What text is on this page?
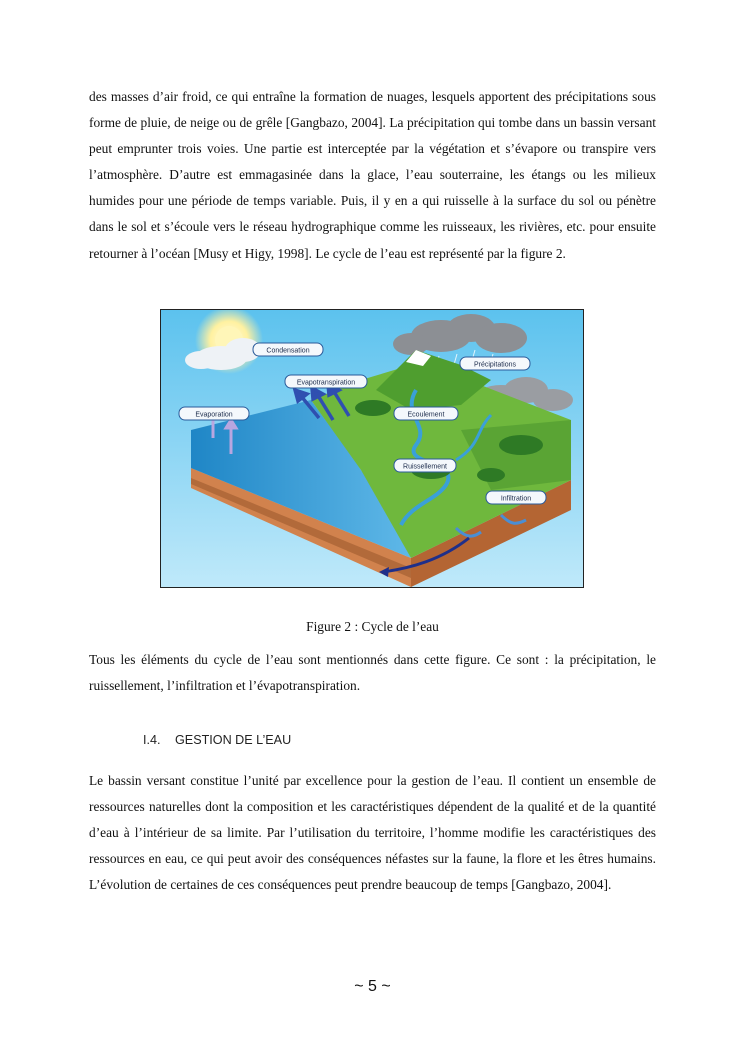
des masses d’air froid, ce qui entraîne la formation de nuages, lesquels apportent des précipitations sous forme de pluie, de neige ou de grêle [Gangbazo, 2004]. La précipitation qui tombe dans un bassin versant peut emprunter trois voies. Une partie est interceptée par la végétation et s’évapore ou transpire vers l’atmosphère. D’autre est emmagasinée dans la glace, l’eau souterraine, les étangs ou les milieux humides pour une période de temps variable. Puis, il y en a qui ruisselle à la surface du sol ou pénètre dans le sol et s’écoule vers le réseau hydrographique comme les ruisseaux, les rivières, etc. pour ensuite retourner à l’océan [Musy et Higy, 1998]. Le cycle de l’eau est représenté par la figure 2.

Condensation
Evapotranspiration
Evaporation
Précipitations
Ecoulement
Ruissellement
Infiltration
Figure 2 : Cycle de l’eau

Tous les éléments du cycle de l’eau sont mentionnés dans cette figure. Ce sont : la précipitation, le ruissellement, l’infiltration et l’évapotranspiration.

I.4. GESTION DE L’EAU

Le bassin versant constitue l’unité par excellence pour la gestion de l’eau. Il contient un ensemble de ressources naturelles dont la composition et les caractéristiques dépendent de la qualité et de la quantité d’eau à l’intérieur de sa limite. Par l’utilisation du territoire, l’homme modifie les caractéristiques des ressources en eau, ce qui peut avoir des conséquences néfastes sur la faune, la flore et les êtres humains. L’évolution de certaines de ces conséquences peut prendre beaucoup de temps [Gangbazo, 2004].

~ 5 ~
